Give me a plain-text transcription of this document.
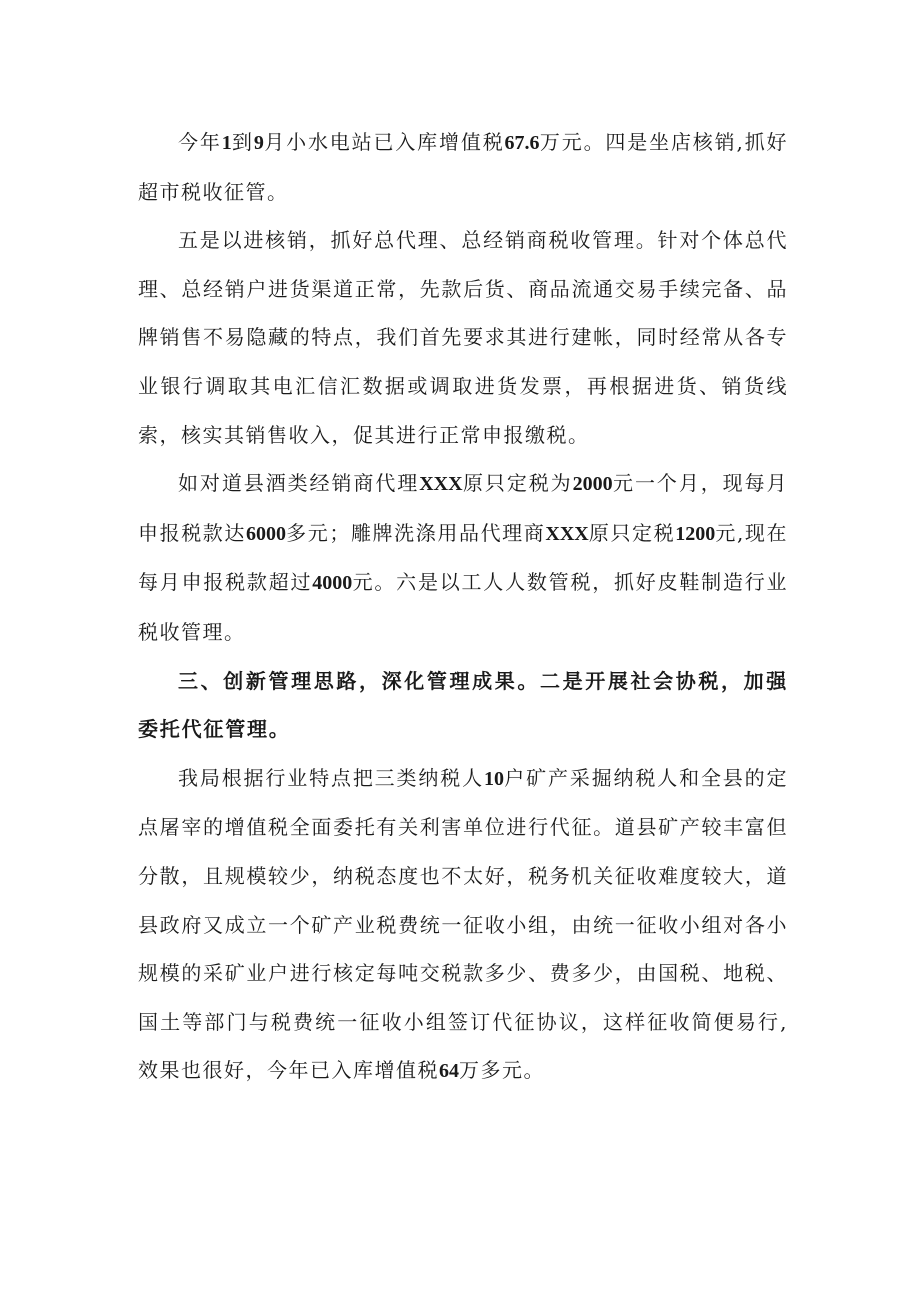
今年1到9月小水电站已入库增值税67.6万元。四是坐店核销,抓好超市税收征管。

五是以进核销，抓好总代理、总经销商税收管理。针对个体总代理、总经销户进货渠道正常，先款后货、商品流通交易手续完备、品牌销售不易隐藏的特点，我们首先要求其进行建帐，同时经常从各专业银行调取其电汇信汇数据或调取进货发票，再根据进货、销货线索，核实其销售收入，促其进行正常申报缴税。

如对道县酒类经销商代理XXX原只定税为2000元一个月，现每月申报税款达6000多元；雕牌洗涤用品代理商XXX原只定税1200元,现在每月申报税款超过4000元。六是以工人人数管税，抓好皮鞋制造行业税收管理。

三、创新管理思路，深化管理成果。二是开展社会协税，加强委托代征管理。

我局根据行业特点把三类纳税人10户矿产采掘纳税人和全县的定点屠宰的增值税全面委托有关利害单位进行代征。道县矿产较丰富但分散，且规模较少，纳税态度也不太好，税务机关征收难度较大，道县政府又成立一个矿产业税费统一征收小组，由统一征收小组对各小规模的采矿业户进行核定每吨交税款多少、费多少，由国税、地税、国土等部门与税费统一征收小组签订代征协议，这样征收简便易行,效果也很好，今年已入库增值税64万多元。
